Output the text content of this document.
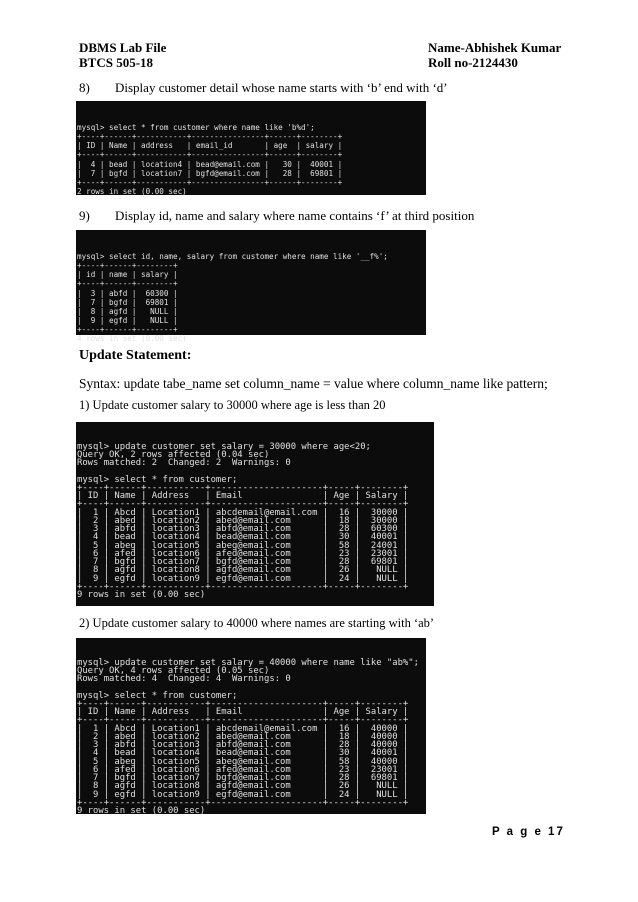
DBMS Lab File
BTCS 505-18
Name-Abhishek Kumar
Roll no-2124430
8) Display customer detail whose name starts with ‘b’ end with ‘d’

mysql> select * from customer where name like 'b%d';
+----+------+-----------+----------------+------+--------+
| ID | Name | address   | email_id       | age  | salary |
+----+------+-----------+----------------+------+--------+
|  4 | bead | location4 | bead@email.com |   30 |  40001 |
|  7 | bgfd | location7 | bgfd@email.com |   28 |  69801 |
+----+------+-----------+----------------+------+--------+
2 rows in set (0.00 sec)

9) Display id, name and salary where name contains ‘f’ at third position

mysql> select id, name, salary from customer where name like '__f%';
+----+------+--------+
| id | name | salary |
+----+------+--------+
|  3 | abfd |  60300 |
|  7 | bgfd |  69801 |
|  8 | agfd |   NULL |
|  9 | egfd |   NULL |
+----+------+--------+
4 rows in set (0.00 sec)

Update Statement:
Syntax: update tabe_name set column_name = value where column_name like pattern;
1) Update customer salary to 30000 where age is less than 20

mysql> update customer set salary = 30000 where age<20;
Query OK, 2 rows affected (0.04 sec)
Rows matched: 2  Changed: 2  Warnings: 0

mysql> select * from customer;
+----+------+-----------+---------------------+-----+--------+
| ID | Name | Address   | Email               | Age | Salary |
+----+------+-----------+---------------------+-----+--------+
|  1 | Abcd | Location1 | abcdemail@email.com |  16 |  30000 |
|  2 | abed | location2 | abed@email.com      |  18 |  30000 |
|  3 | abfd | location3 | abfd@email.com      |  28 |  60300 |
|  4 | bead | location4 | bead@email.com      |  30 |  40001 |
|  5 | abeg | location5 | abeg@email.com      |  58 |  24001 |
|  6 | afed | location6 | afed@email.com      |  23 |  23001 |
|  7 | bgfd | location7 | bgfd@email.com      |  28 |  69801 |
|  8 | agfd | location8 | agfd@email.com      |  26 |   NULL |
|  9 | egfd | location9 | egfd@email.com      |  24 |   NULL |
+----+------+-----------+---------------------+-----+--------+
9 rows in set (0.00 sec)

2) Update customer salary to 40000 where names are starting with ‘ab’

mysql> update customer set salary = 40000 where name like "ab%";
Query OK, 4 rows affected (0.05 sec)
Rows matched: 4  Changed: 4  Warnings: 0

mysql> select * from customer;
+----+------+-----------+---------------------+-----+--------+
| ID | Name | Address   | Email               | Age | Salary |
+----+------+-----------+---------------------+-----+--------+
|  1 | Abcd | Location1 | abcdemail@email.com |  16 |  40000 |
|  2 | abed | location2 | abed@email.com      |  18 |  40000 |
|  3 | abfd | location3 | abfd@email.com      |  28 |  40000 |
|  4 | bead | location4 | bead@email.com      |  30 |  40001 |
|  5 | abeg | location5 | abeg@email.com      |  58 |  40000 |
|  6 | afed | location6 | afed@email.com      |  23 |  23001 |
|  7 | bgfd | location7 | bgfd@email.com      |  28 |  69801 |
|  8 | agfd | location8 | agfd@email.com      |  26 |   NULL |
|  9 | egfd | location9 | egfd@email.com      |  24 |   NULL |
+----+------+-----------+---------------------+-----+--------+
9 rows in set (0.00 sec)

P a g e 17
